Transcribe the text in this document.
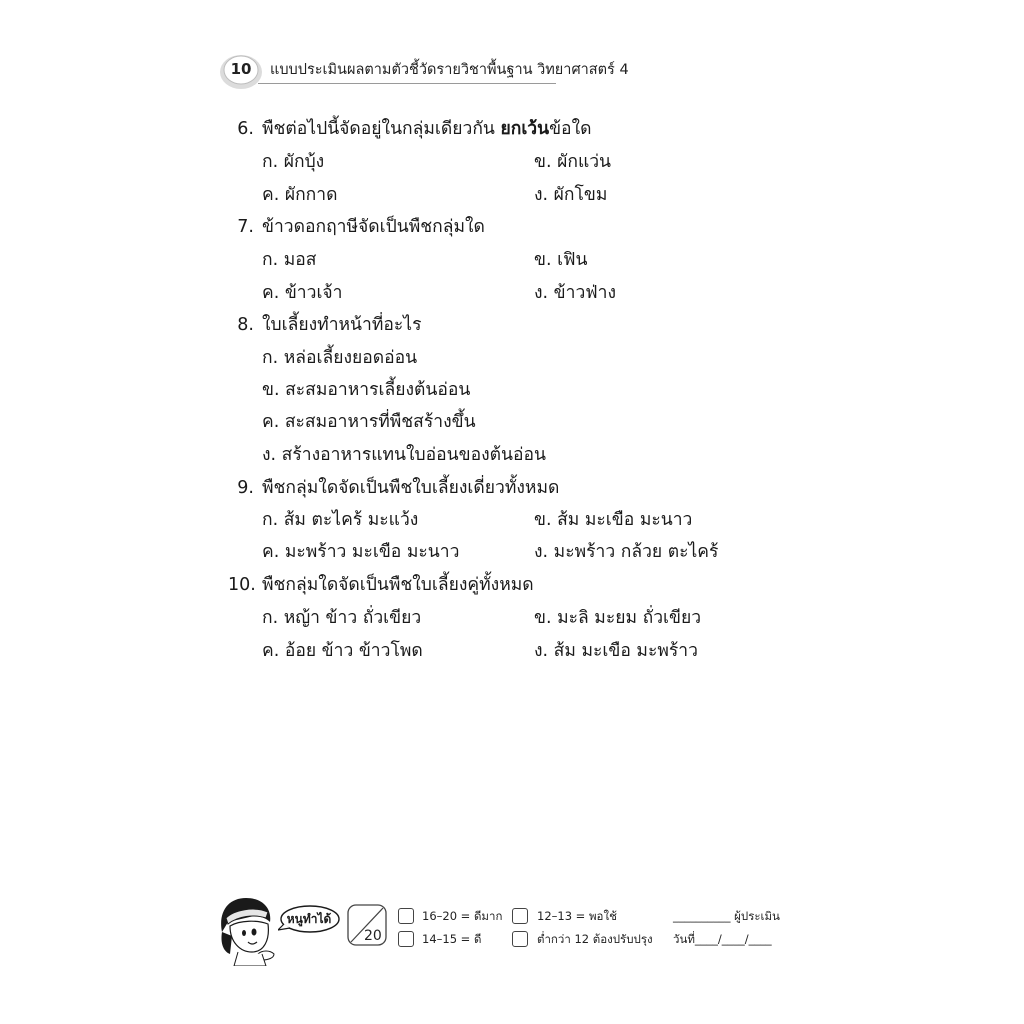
10	แบบประเมินผลตามตัวชี้วัดรายวิชาพื้นฐาน วิทยาศาสตร์ 4
6. พืชต่อไปนี้จัดอยู่ในกลุ่มเดียวกัน ยกเว้นข้อใด
ก. ผักบุ้ง	ข. ผักแว่น
ค. ผักกาด	ง. ผักโขม
7. ข้าวดอกฤาษีจัดเป็นพืชกลุ่มใด
ก. มอส	ข. เฟิน
ค. ข้าวเจ้า	ง. ข้าวฟ่าง
8. ใบเลี้ยงทำหน้าที่อะไร
ก. หล่อเลี้ยงยอดอ่อน
ข. สะสมอาหารเลี้ยงต้นอ่อน
ค. สะสมอาหารที่พืชสร้างขึ้น
ง. สร้างอาหารแทนใบอ่อนของต้นอ่อน
9. พืชกลุ่มใดจัดเป็นพืชใบเลี้ยงเดี่ยวทั้งหมด
ก. ส้ม ตะไคร้ มะแว้ง	ข. ส้ม มะเขือ มะนาว
ค. มะพร้าว มะเขือ มะนาว	ง. มะพร้าว กล้วย ตะไคร้
10. พืชกลุ่มใดจัดเป็นพืชใบเลี้ยงคู่ทั้งหมด
ก. หญ้า ข้าว ถั่วเขียว	ข. มะลิ มะยม ถั่วเขียว
ค. อ้อย ข้าว ข้าวโพด	ง. ส้ม มะเขือ มะพร้าว
หนูทำได้
20
16–20 = ดีมาก	12–13 = พอใช้
14–15 = ดี	ต่ำกว่า 12 ต้องปรับปรุง
__________ ผู้ประเมิน
วันที่____/____/____
